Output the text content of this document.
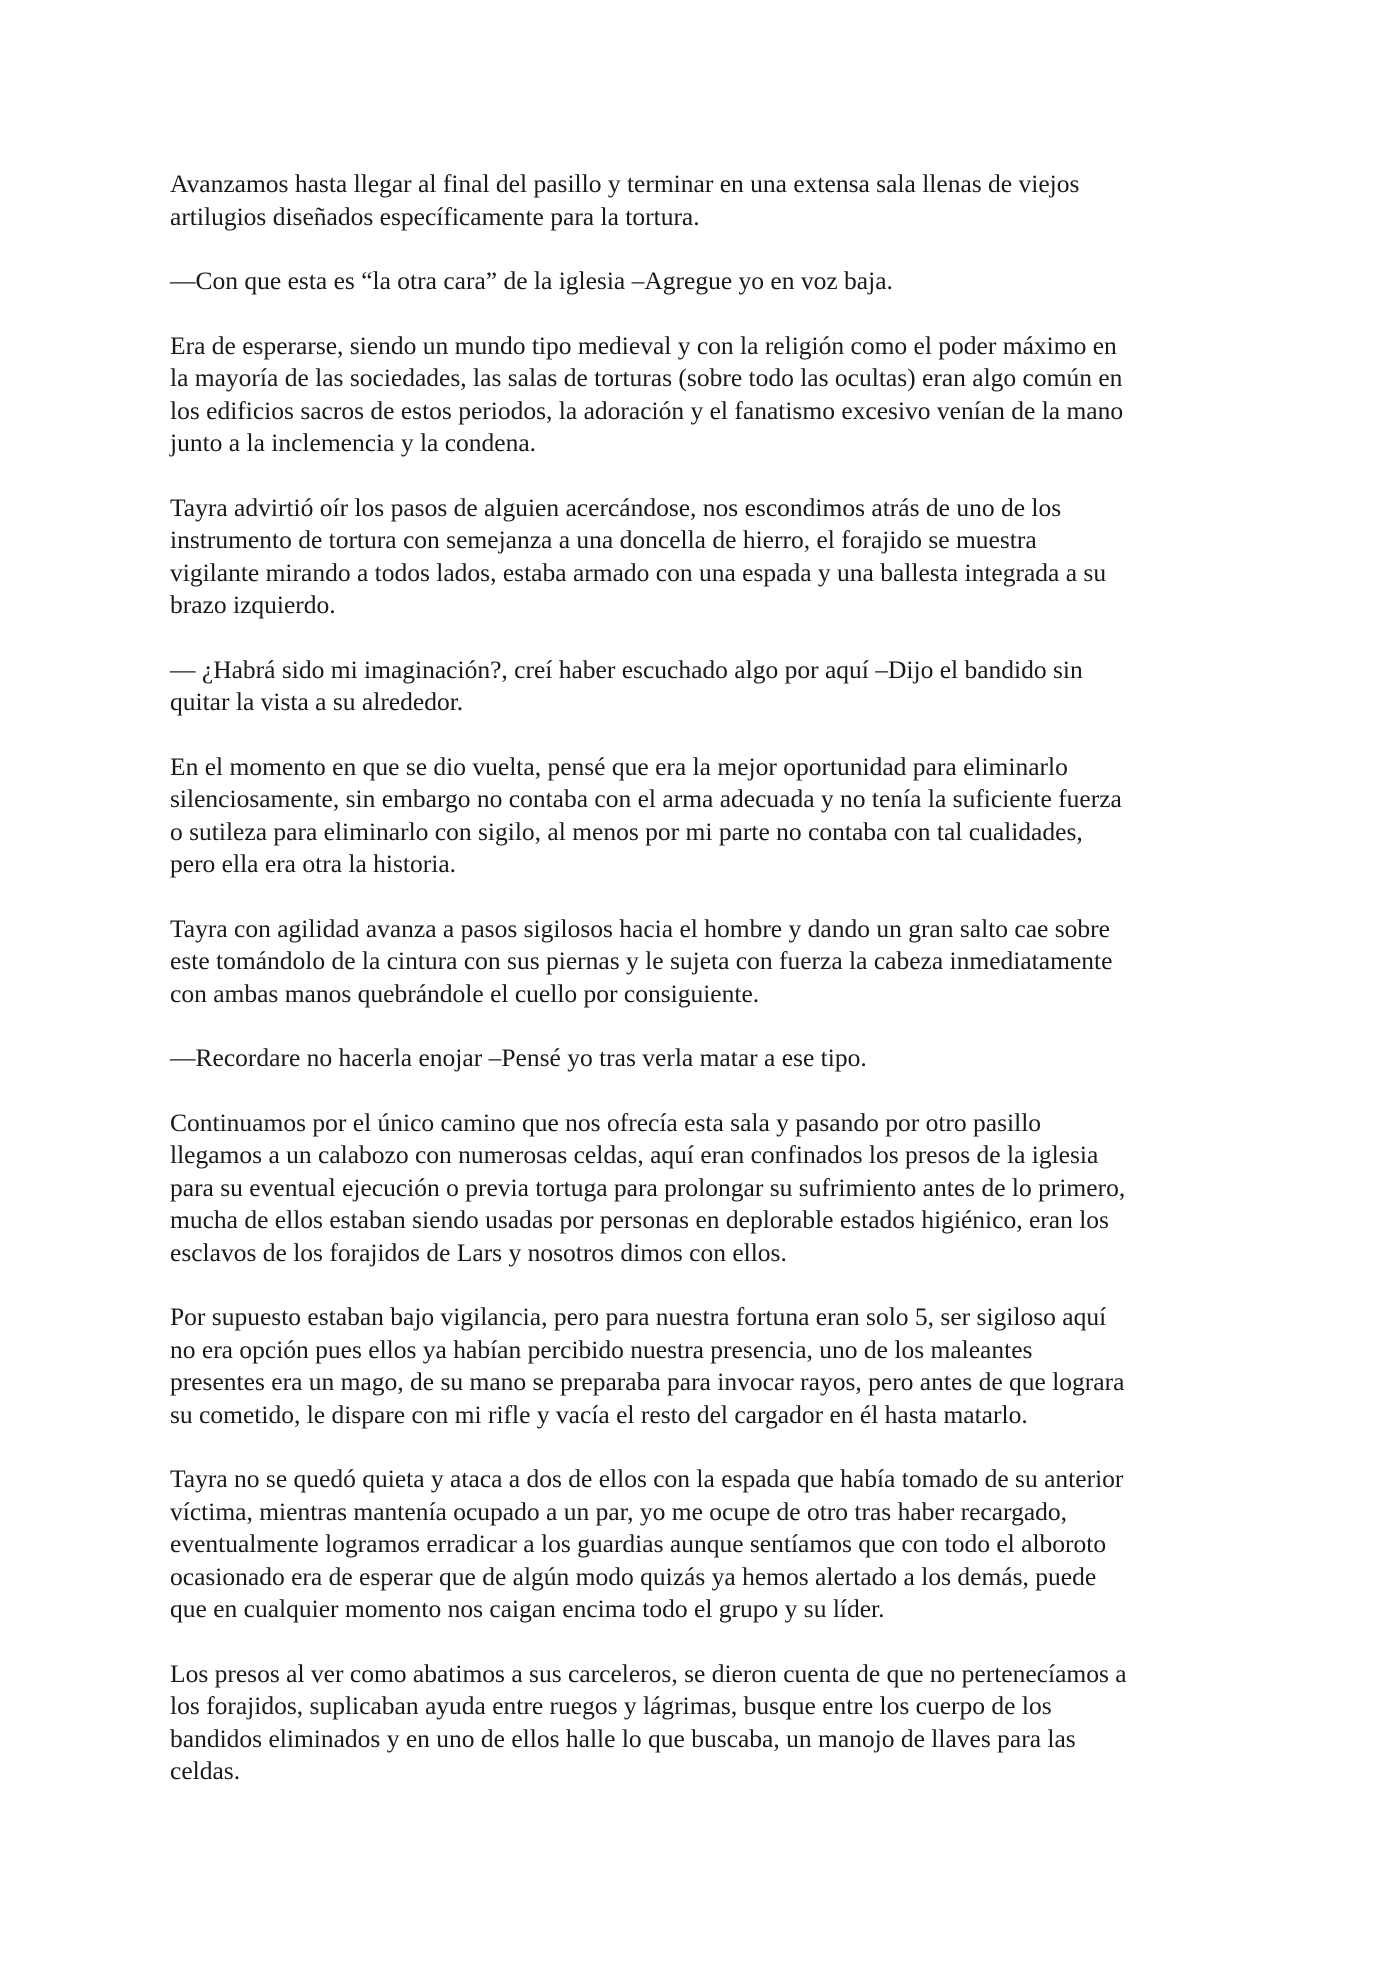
Avanzamos hasta llegar al final del pasillo y terminar en una extensa sala llenas de viejos
artilugios diseñados específicamente para la tortura.
—Con que esta es “la otra cara” de la iglesia –Agregue yo en voz baja.
Era de esperarse, siendo un mundo tipo medieval y con la religión como el poder máximo en
la mayoría de las sociedades, las salas de torturas (sobre todo las ocultas) eran algo común en
los edificios sacros de estos periodos, la adoración y el fanatismo excesivo venían de la mano
junto a la inclemencia y la condena.
Tayra advirtió oír los pasos de alguien acercándose, nos escondimos atrás de uno de los
instrumento de tortura con semejanza a una doncella de hierro, el forajido se muestra
vigilante mirando a todos lados, estaba armado con una espada y una ballesta integrada a su
brazo izquierdo.
— ¿Habrá sido mi imaginación?, creí haber escuchado algo por aquí –Dijo el bandido sin
quitar la vista a su alrededor.
En el momento en que se dio vuelta, pensé que era la mejor oportunidad para eliminarlo
silenciosamente, sin embargo no contaba con el arma adecuada y no tenía la suficiente fuerza
o sutileza para eliminarlo con sigilo, al menos por mi parte no contaba con tal cualidades,
pero ella era otra la historia.
Tayra con agilidad avanza a pasos sigilosos hacia el hombre y dando un gran salto cae sobre
este tomándolo de la cintura con sus piernas y le sujeta con fuerza la cabeza inmediatamente
con ambas manos quebrándole el cuello por consiguiente.
—Recordare no hacerla enojar –Pensé yo tras verla matar a ese tipo.
Continuamos por el único camino que nos ofrecía esta sala y pasando por otro pasillo
llegamos a un calabozo con numerosas celdas, aquí eran confinados los presos de la iglesia
para su eventual ejecución o previa tortuga para prolongar su sufrimiento antes de lo primero,
mucha de ellos estaban siendo usadas por personas en deplorable estados higiénico, eran los
esclavos de los forajidos de Lars y nosotros dimos con ellos.
Por supuesto estaban bajo vigilancia, pero para nuestra fortuna eran solo 5, ser sigiloso aquí
no era opción pues ellos ya habían percibido nuestra presencia, uno de los maleantes
presentes era un mago, de su mano se preparaba para invocar rayos, pero antes de que lograra
su cometido, le dispare con mi rifle y vacía el resto del cargador en él hasta matarlo.
Tayra no se quedó quieta y ataca a dos de ellos con la espada que había tomado de su anterior
víctima, mientras mantenía ocupado a un par, yo me ocupe de otro tras haber recargado,
eventualmente logramos erradicar a los guardias aunque sentíamos que con todo el alboroto
ocasionado era de esperar que de algún modo quizás ya hemos alertado a los demás, puede
que en cualquier momento nos caigan encima todo el grupo y su líder.
Los presos al ver como abatimos a sus carceleros, se dieron cuenta de que no pertenecíamos a
los forajidos, suplicaban ayuda entre ruegos y lágrimas, busque entre los cuerpo de los
bandidos eliminados y en uno de ellos halle lo que buscaba, un manojo de llaves para las
celdas.
